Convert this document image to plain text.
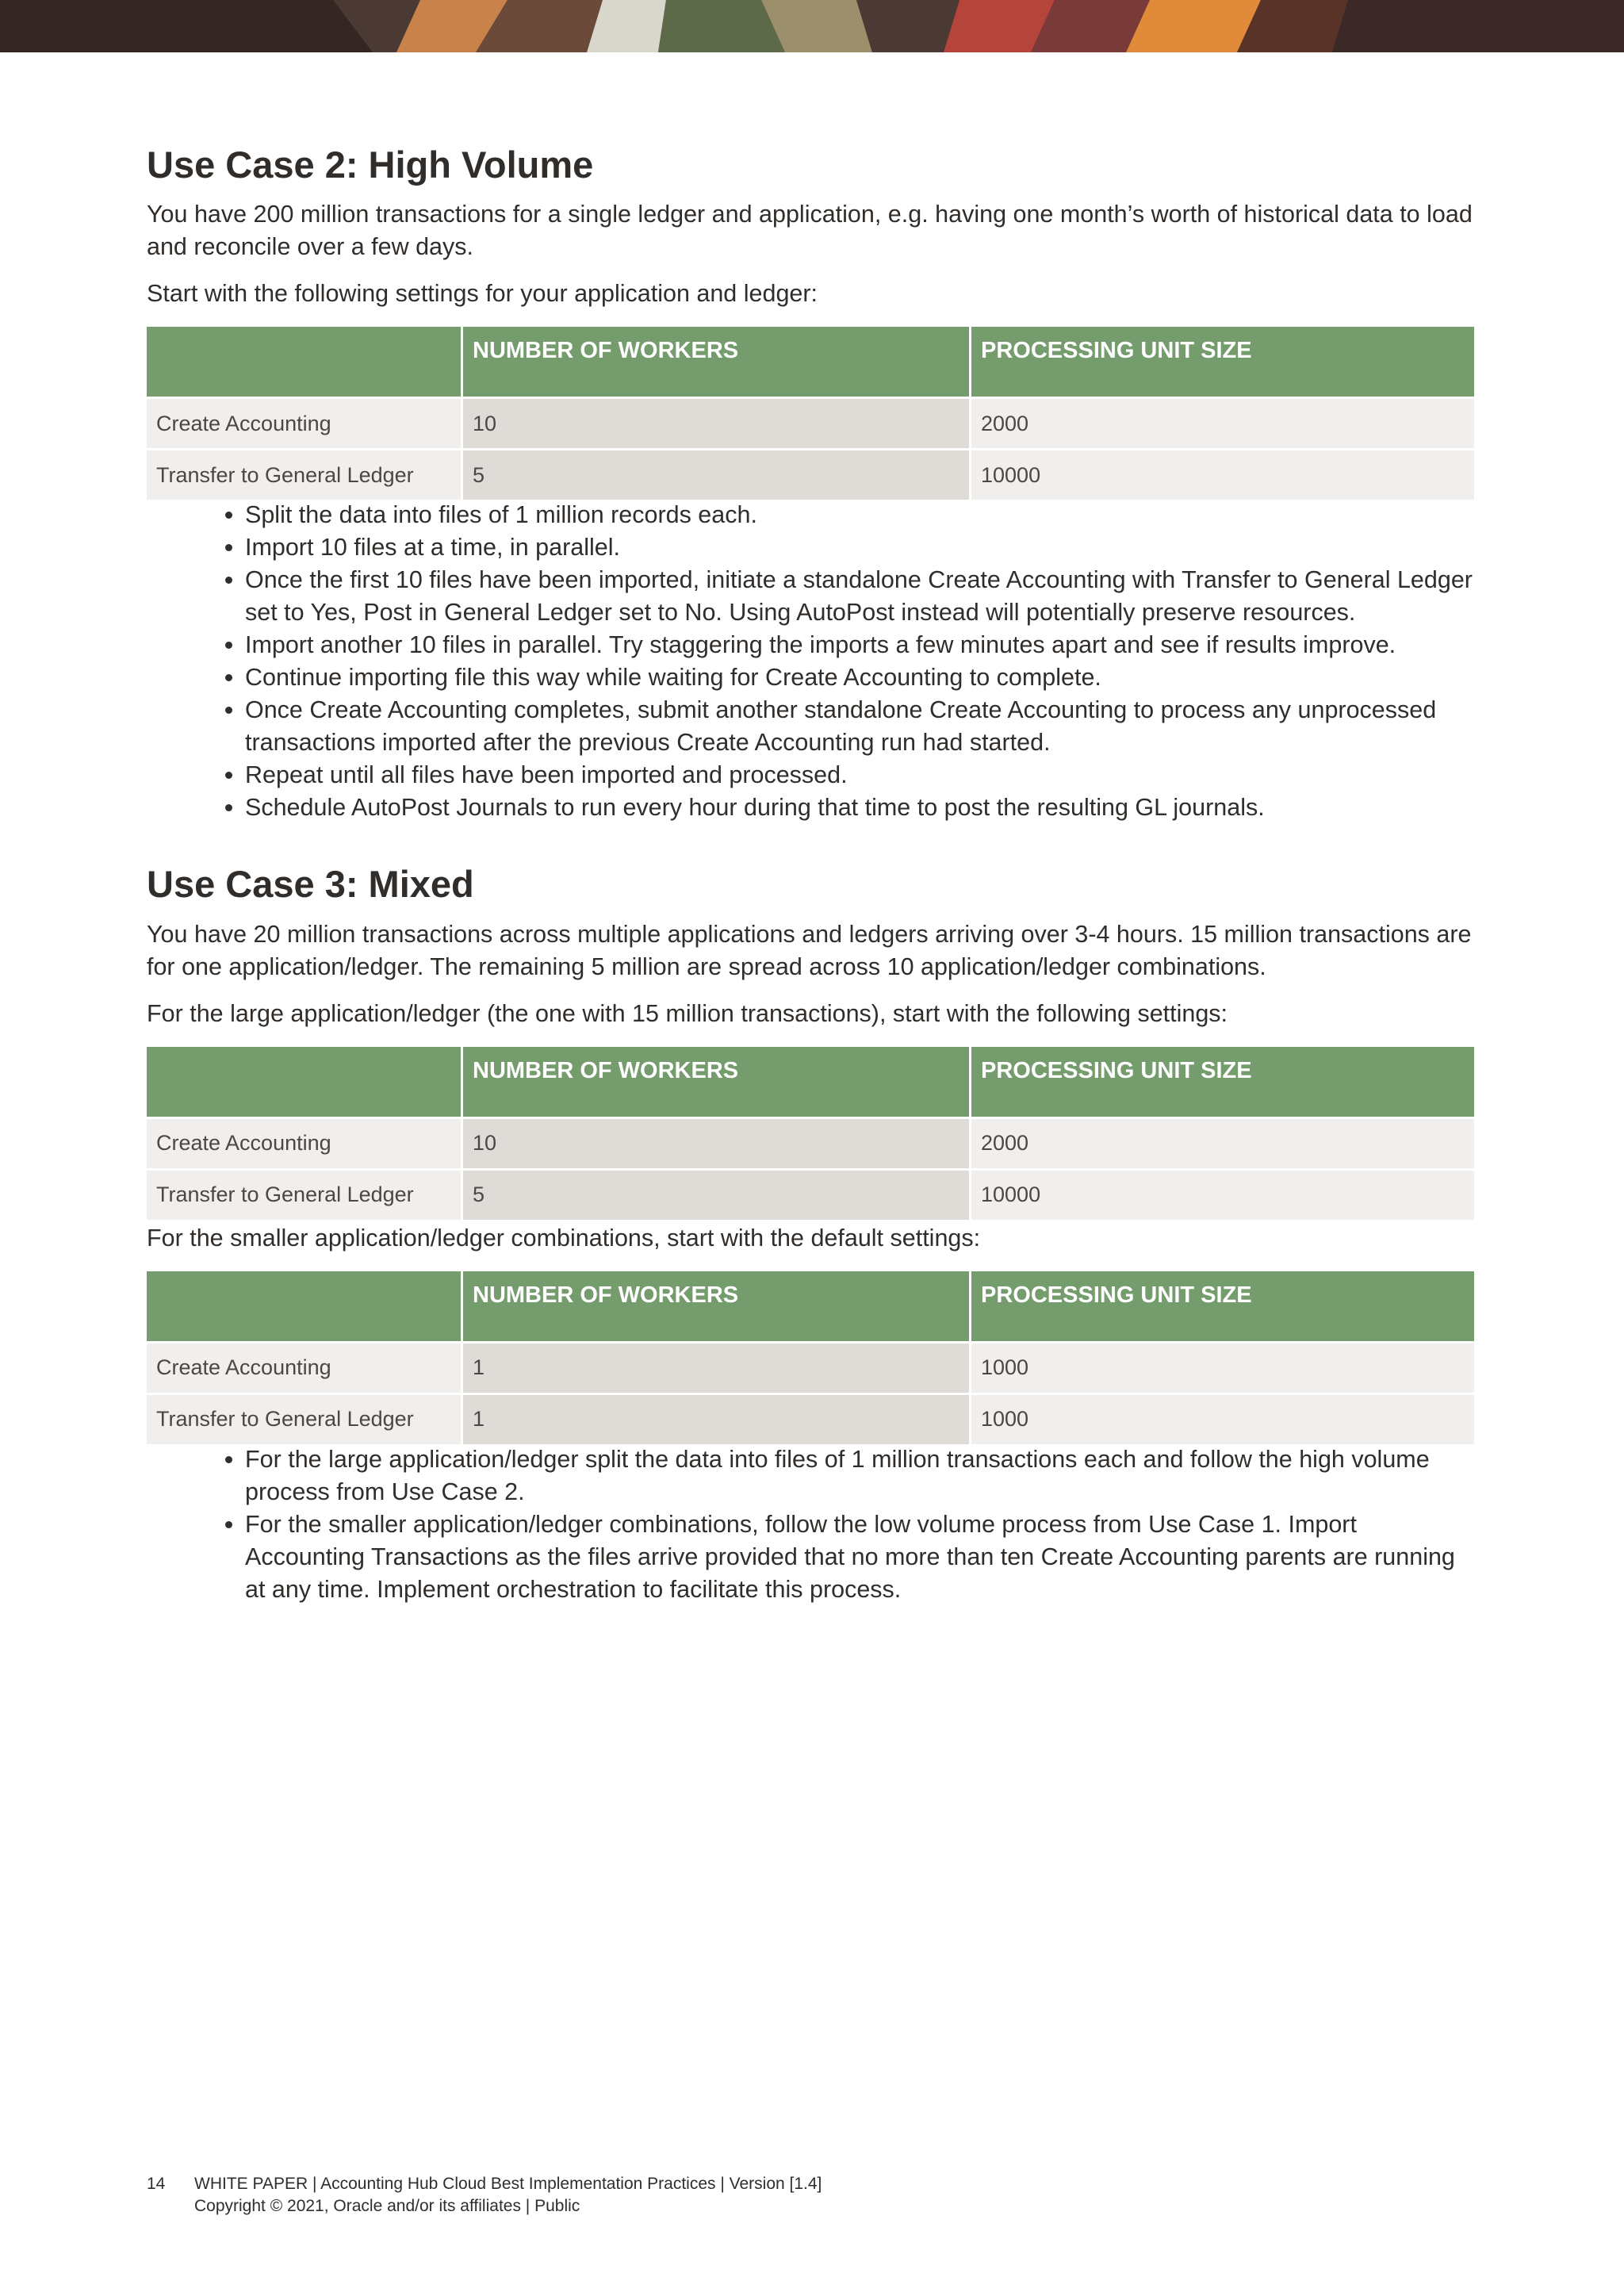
Use Case 2: High Volume

You have 200 million transactions for a single ledger and application, e.g. having one month’s worth of historical data to load and reconcile over a few days.

Start with the following settings for your application and ledger:

	NUMBER OF WORKERS	PROCESSING UNIT SIZE
Create Accounting	10	2000
Transfer to General Ledger	5	10000
• Split the data into files of 1 million records each.
• Import 10 files at a time, in parallel.
• Once the first 10 files have been imported, initiate a standalone Create Accounting with Transfer to General Ledger set to Yes, Post in General Ledger set to No. Using AutoPost instead will potentially preserve resources.
• Import another 10 files in parallel. Try staggering the imports a few minutes apart and see if results improve.
• Continue importing file this way while waiting for Create Accounting to complete.
• Once Create Accounting completes, submit another standalone Create Accounting to process any unprocessed transactions imported after the previous Create Accounting run had started.
• Repeat until all files have been imported and processed.
• Schedule AutoPost Journals to run every hour during that time to post the resulting GL journals.
Use Case 3: Mixed

You have 20 million transactions across multiple applications and ledgers arriving over 3-4 hours. 15 million transactions are for one application/ledger. The remaining 5 million are spread across 10 application/ledger combinations.

For the large application/ledger (the one with 15 million transactions), start with the following settings:

	NUMBER OF WORKERS	PROCESSING UNIT SIZE
Create Accounting	10	2000
Transfer to General Ledger	5	10000

For the smaller application/ledger combinations, start with the default settings:

	NUMBER OF WORKERS	PROCESSING UNIT SIZE
Create Accounting	1	1000
Transfer to General Ledger	1	1000
• For the large application/ledger split the data into files of 1 million transactions each and follow the high volume process from Use Case 2.
• For the smaller application/ledger combinations, follow the low volume process from Use Case 1. Import Accounting Transactions as the files arrive provided that no more than ten Create Accounting parents are running at any time. Implement orchestration to facilitate this process.
14 WHITE PAPER | Accounting Hub Cloud Best Implementation Practices | Version [1.4]
Copyright © 2021, Oracle and/or its affiliates | Public
